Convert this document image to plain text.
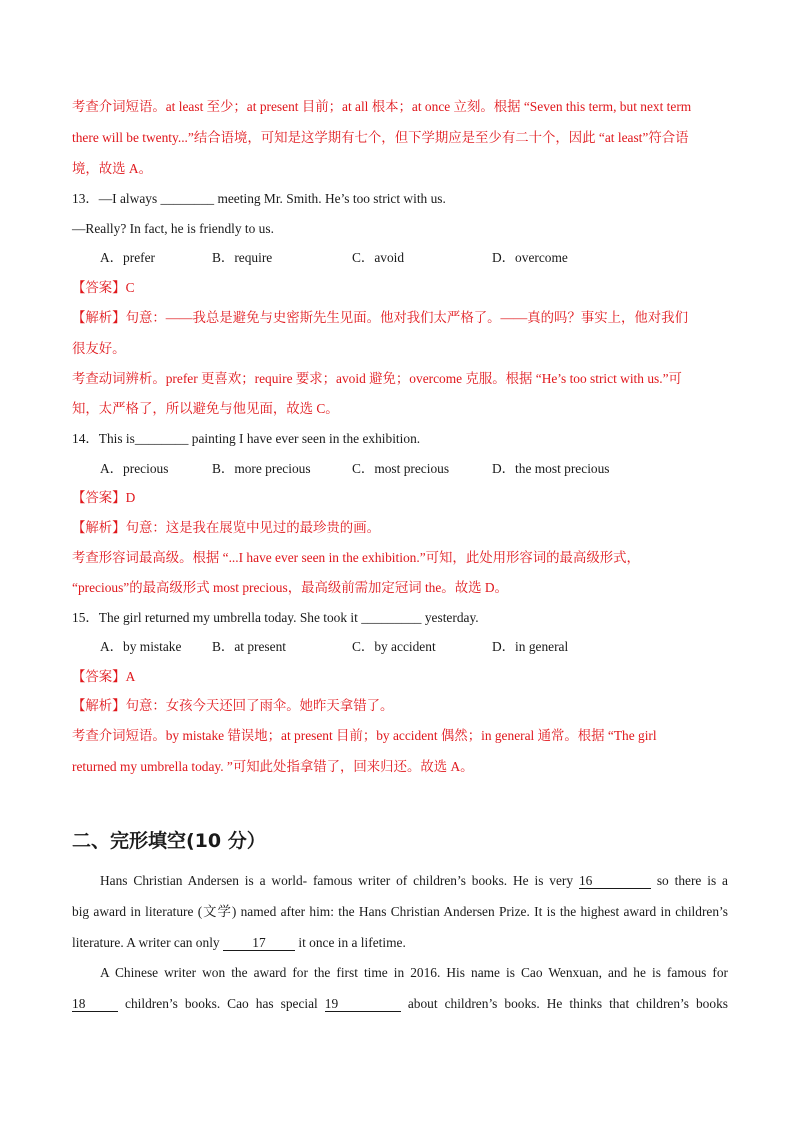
考查介词短语。at least 至少；at present 目前；at all 根本；at once 立刻。根据 “Seven this term, but next term
there will be twenty...”结合语境，可知是这学期有七个，但下学期应是至少有二十个，因此 “at least”符合语
境，故选 A。
13．—I always ________ meeting Mr. Smith. He’s too strict with us.
—Really? In fact, he is friendly to us.
A．prefer	B．require	C．avoid	D．overcome
【答案】C
【解析】句意：——我总是避免与史密斯先生见面。他对我们太严格了。——真的吗？事实上，他对我们
很友好。
考查动词辨析。prefer 更喜欢；require 要求；avoid 避免；overcome 克服。根据 “He’s too strict with us.”可
知，太严格了，所以避免与他见面，故选 C。
14．This is________ painting I have ever seen in the exhibition.
A．precious	B．more precious	C．most precious	D．the most precious
【答案】D
【解析】句意：这是我在展览中见过的最珍贵的画。
考查形容词最高级。根据 “...I have ever seen in the exhibition.”可知，此处用形容词的最高级形式，
“precious”的最高级形式 most precious，最高级前需加定冠词 the。故选 D。
15．The girl returned my umbrella today. She took it _________ yesterday.
A．by mistake B．at present	C．by accident	D．in general
【答案】A
【解析】句意：女孩今天还回了雨伞。她昨天拿错了。
考查介词短语。by mistake 错误地；at present 目前；by accident 偶然；in general 通常。根据 “The girl
returned my umbrella today. ”可知此处指拿错了，回来归还。故选 A。
二、完形填空(10 分）
Hans Christian Andersen is a world- famous writer of children’s books. He is very 16	so there is a
big award in literature (文学) named after him: the Hans Christian Andersen Prize. It is the highest award in children’s
literature. A writer can only 17 it once in a lifetime.
A Chinese writer won the award for the first time in 2016. His name is Cao Wenxuan, and he is famous for
18	children’s books. Cao has special 19	about children’s books. He thinks that children’s books
